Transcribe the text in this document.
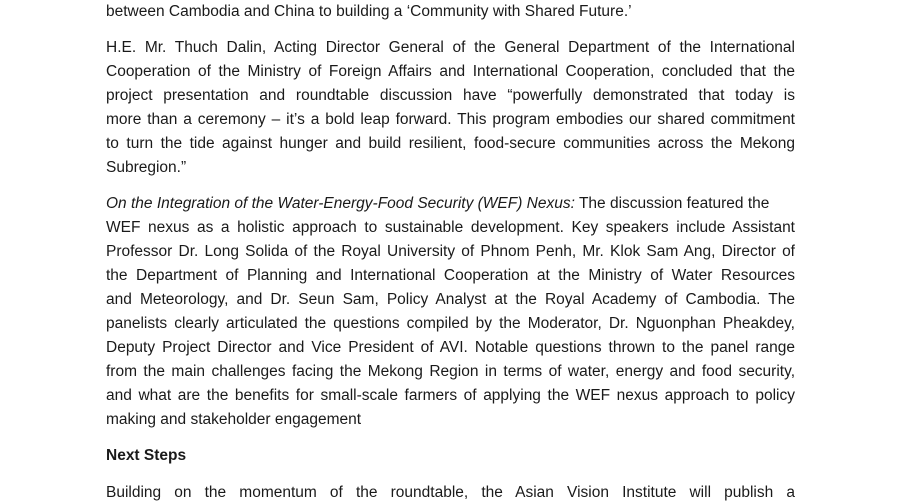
between Cambodia and China to building a ‘Community with Shared Future.’
H.E. Mr. Thuch Dalin, Acting Director General of the General Department of the International
Cooperation of the Ministry of Foreign Affairs and International Cooperation, concluded that the
project presentation and roundtable discussion have “powerfully demonstrated that today is
more than a ceremony – it’s a bold leap forward. This program embodies our shared commitment
to turn the tide against hunger and build resilient, food-secure communities across the Mekong
Subregion.”
On the Integration of the Water-Energy-Food Security (WEF) Nexus: The discussion featured the
WEF nexus as a holistic approach to sustainable development. Key speakers include Assistant
Professor Dr. Long Solida of the Royal University of Phnom Penh, Mr. Klok Sam Ang, Director of
the Department of Planning and International Cooperation at the Ministry of Water Resources
and Meteorology, and Dr. Seun Sam, Policy Analyst at the Royal Academy of Cambodia. The
panelists clearly articulated the questions compiled by the Moderator, Dr. Nguonphan Pheakdey,
Deputy Project Director and Vice President of AVI. Notable questions thrown to the panel range
from the main challenges facing the Mekong Region in terms of water, energy and food security,
and what are the benefits for small-scale farmers of applying the WEF nexus approach to policy
making and stakeholder engagement
Next Steps
Building on the momentum of the roundtable, the Asian Vision Institute will publish a
